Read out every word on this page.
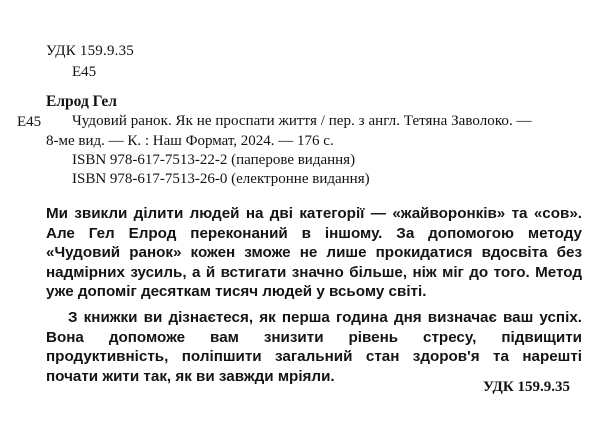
УДК 159.9.35
Е45
Елрод Гел
Е45 Чудовий ранок. Як не проспати життя / пер. з англ. Тетяна Заволоко. —
8-ме вид. — К. : Наш Формат, 2024. — 176 с.
ISBN 978-617-7513-22-2 (паперове видання)
ISBN 978-617-7513-26-0 (електронне видання)

Ми звикли ділити людей на дві категорії — «жайворонків» та «сов». Але Гел Елрод переконаний в іншому. За допомогою методу «Чудовий ранок» кожен зможе не лише прокидатися вдосвіта без надмірних зусиль, а й встигати значно більше, ніж міг до того. Метод уже допоміг десяткам тисяч людей у всьому світі.

З книжки ви дізнаєтеся, як перша година дня визначає ваш успіх. Вона допоможе вам знизити рівень стресу, підвищити продуктивність, поліпшити загальний стан здоров'я та нарешті почати жити так, як ви завжди мріяли.

УДК 159.9.35
